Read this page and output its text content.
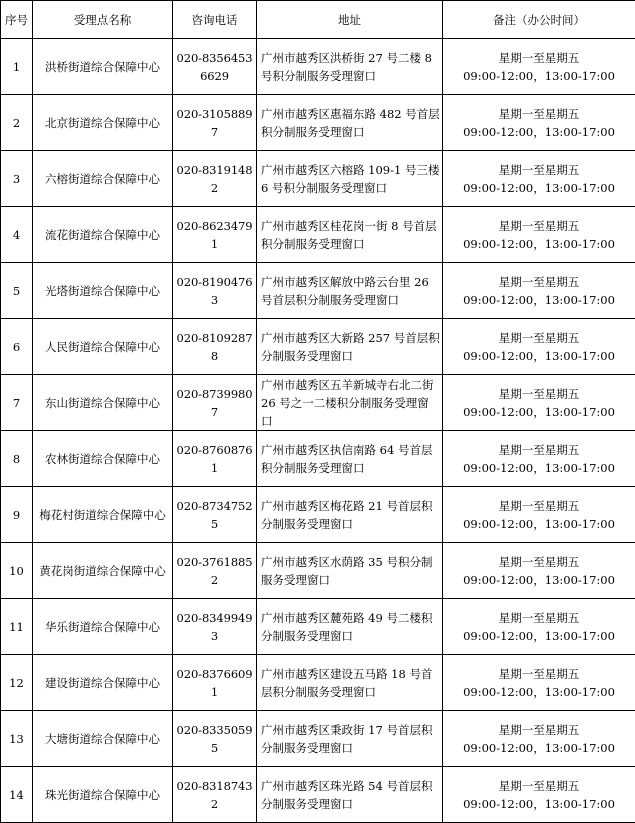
序号	受理点名称	咨询电话	地址	备注（办公时间）
1	洪桥街道综合保障中心	020-83564536629	广州市越秀区洪桥街 27 号二楼 8 号积分制服务受理窗口	星期一至星期五
09:00-12:00，13:00-17:00

2	北京街道综合保障中心	020-31058897	广州市越秀区惠福东路 482 号首层积分制服务受理窗口	星期一至星期五
09:00-12:00，13:00-17:00

3	六榕街道综合保障中心	020-83191482	广州市越秀区六榕路 109-1 号三楼 6 号积分制服务受理窗口	星期一至星期五
09:00-12:00，13:00-17:00

4	流花街道综合保障中心	020-86234791	广州市越秀区桂花岗一街 8 号首层积分制服务受理窗口	星期一至星期五
09:00-12:00，13:00-17:00

5	光塔街道综合保障中心	020-81904763	广州市越秀区解放中路云台里 26 号首层积分制服务受理窗口	星期一至星期五
09:00-12:00，13:00-17:00

6	人民街道综合保障中心	020-81092878	广州市越秀区大新路 257 号首层积分制服务受理窗口	星期一至星期五
09:00-12:00，13:00-17:00

7	东山街道综合保障中心	020-87399807	广州市越秀区五羊新城寺右北二街 26 号之一二楼积分制服务受理窗口	星期一至星期五
09:00-12:00，13:00-17:00

8	农林街道综合保障中心	020-87608761	广州市越秀区执信南路 64 号首层积分制服务受理窗口	星期一至星期五
09:00-12:00，13:00-17:00

9	梅花村街道综合保障中心	020-87347525	广州市越秀区梅花路 21 号首层积分制服务受理窗口	星期一至星期五
09:00-12:00，13:00-17:00

10	黄花岗街道综合保障中心	020-37618852	广州市越秀区水荫路 35 号积分制服务受理窗口	星期一至星期五
09:00-12:00，13:00-17:00

11	华乐街道综合保障中心	020-83499493	广州市越秀区麓苑路 49 号二楼积分制服务受理窗口	星期一至星期五
09:00-12:00，13:00-17:00

12	建设街道综合保障中心	020-83766091	广州市越秀区建设五马路 18 号首层积分制服务受理窗口	星期一至星期五
09:00-12:00，13:00-17:00

13	大塘街道综合保障中心	020-83350595	广州市越秀区秉政街 17 号首层积分制服务受理窗口	星期一至星期五
09:00-12:00，13:00-17:00

14	珠光街道综合保障中心	020-83187432	广州市越秀区珠光路 54 号首层积分制服务受理窗口	星期一至星期五
09:00-12:00，13:00-17:00
